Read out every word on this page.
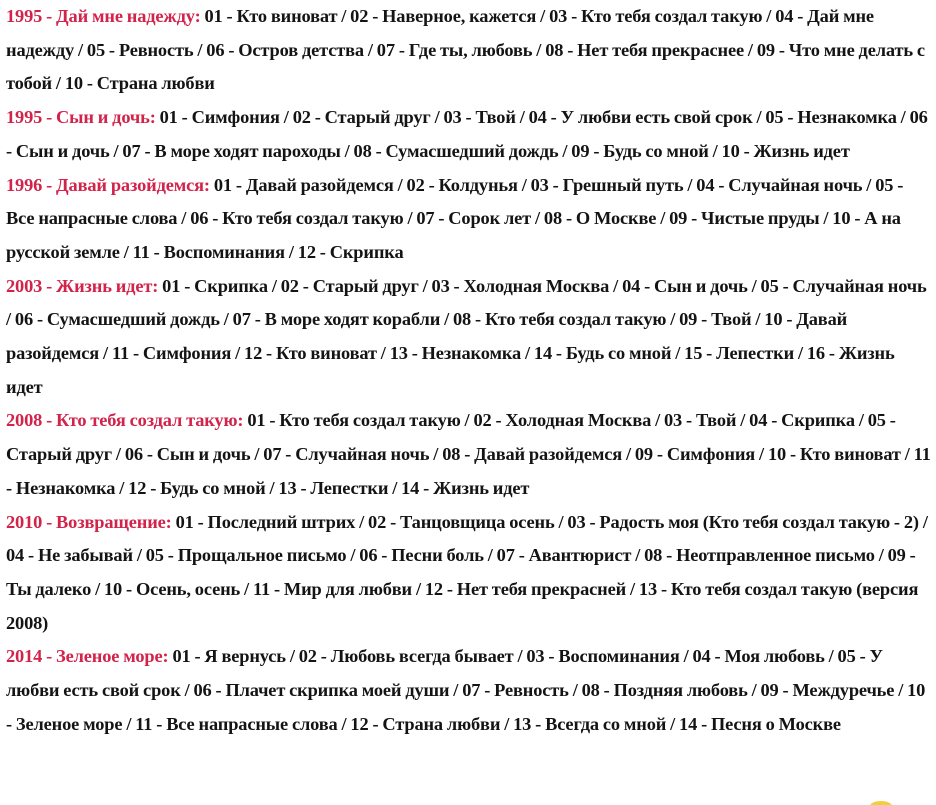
1995 - Дай мне надежду: 01 - Кто виноват / 02 - Наверное, кажется / 03 - Кто тебя создал такую / 04 - Дай мне надежду / 05 - Ревность / 06 - Остров детства / 07 - Где ты, любовь / 08 - Нет тебя прекраснее / 09 - Что мне делать с тобой / 10 - Страна любви

1995 - Сын и дочь: 01 - Симфония / 02 - Старый друг / 03 - Твой / 04 - У любви есть свой срок / 05 - Незнакомка / 06 - Сын и дочь / 07 - В море ходят пароходы / 08 - Сумасшедший дождь / 09 - Будь со мной / 10 - Жизнь идет

1996 - Давай разойдемся: 01 - Давай разойдемся / 02 - Колдунья / 03 - Грешный путь / 04 - Случайная ночь / 05 - Все напрасные слова / 06 - Кто тебя создал такую / 07 - Сорок лет / 08 - О Москве / 09 - Чистые пруды / 10 - А на русской земле / 11 - Воспоминания / 12 - Скрипка

2003 - Жизнь идет: 01 - Скрипка / 02 - Старый друг / 03 - Холодная Москва / 04 - Сын и дочь / 05 - Случайная ночь / 06 - Сумасшедший дождь / 07 - В море ходят корабли / 08 - Кто тебя создал такую / 09 - Твой / 10 - Давай разойдемся / 11 - Симфония / 12 - Кто виноват / 13 - Незнакомка / 14 - Будь со мной / 15 - Лепестки / 16 - Жизнь идет

2008 - Кто тебя создал такую: 01 - Кто тебя создал такую / 02 - Холодная Москва / 03 - Твой / 04 - Скрипка / 05 - Старый друг / 06 - Сын и дочь / 07 - Случайная ночь / 08 - Давай разойдемся / 09 - Симфония / 10 - Кто виноват / 11 - Незнакомка / 12 - Будь со мной / 13 - Лепестки / 14 - Жизнь идет

2010 - Возвращение: 01 - Последний штрих / 02 - Танцовщица осень / 03 - Радость моя (Кто тебя создал такую - 2) / 04 - Не забывай / 05 - Прощальное письмо / 06 - Песни боль / 07 - Авантюрист / 08 - Неотправленное письмо / 09 - Ты далеко / 10 - Осень, осень / 11 - Мир для любви / 12 - Нет тебя прекрасней / 13 - Кто тебя создал такую (версия 2008)

2014 - Зеленое море: 01 - Я вернусь / 02 - Любовь всегда бывает / 03 - Воспоминания / 04 - Моя любовь / 05 - У любви есть свой срок / 06 - Плачет скрипка моей души / 07 - Ревность / 08 - Поздняя любовь / 09 - Междуречье / 10 - Зеленое море / 11 - Все напрасные слова / 12 - Страна любви / 13 - Всегда со мной / 14 - Песня о Москве
